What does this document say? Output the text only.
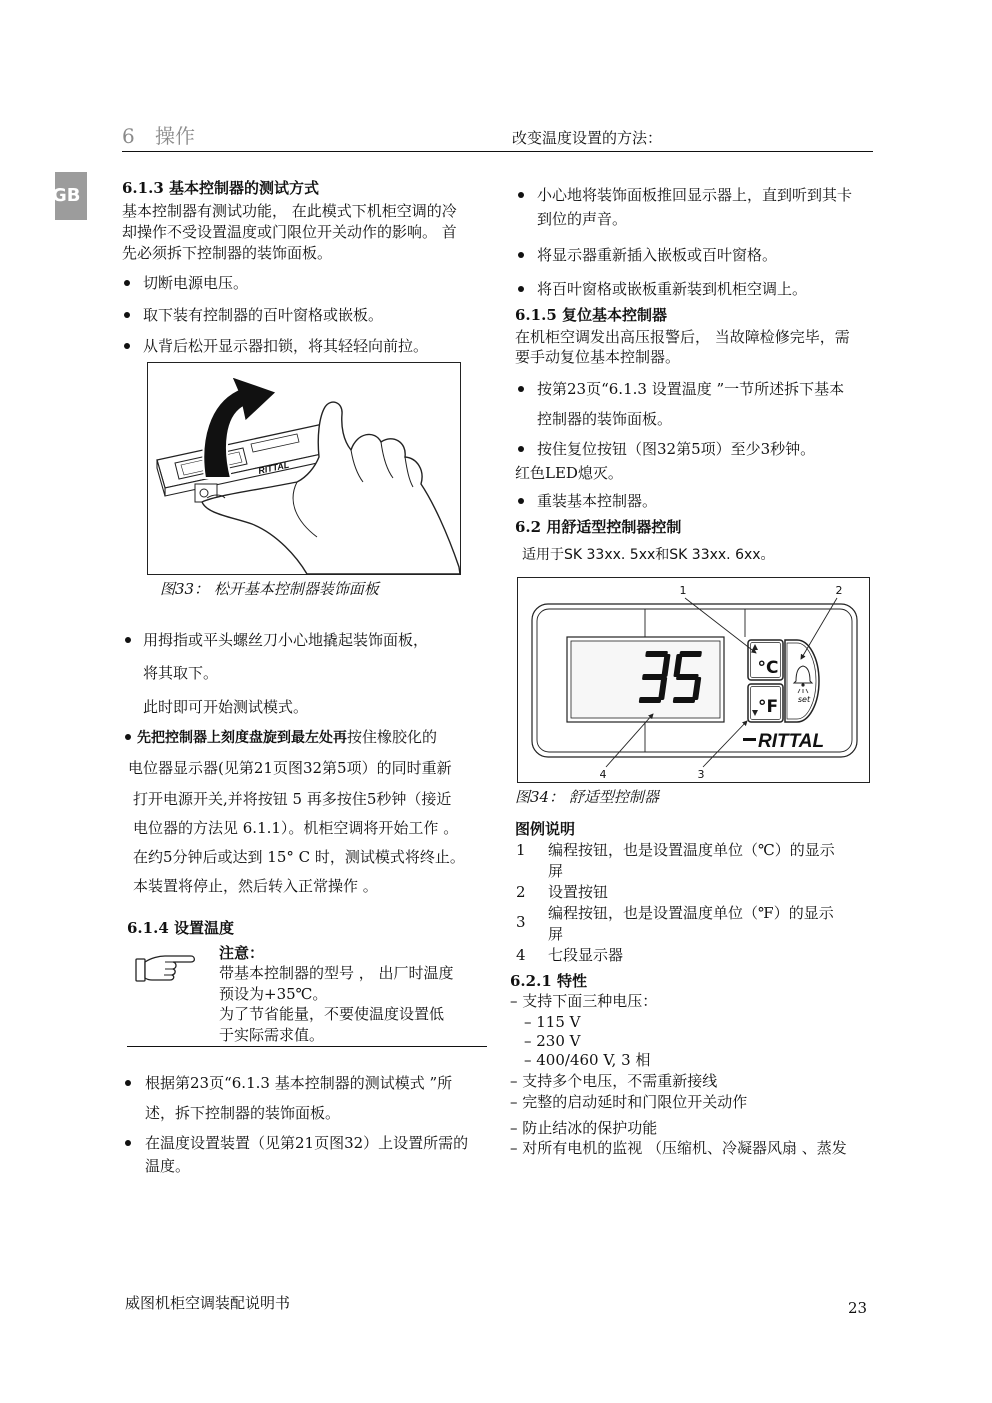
6 操作	改变温度设置的方法：
GB	6.1.3 基本控制器的测试方式
基本控制器有测试功能， 在此模式下机柜空调的冷
却操作不受设置温度或门限位开关动作的影响。 首
先必须拆下控制器的装饰面板。
切断电源电压。
取下装有控制器的百叶窗格或嵌板。
从背后松开显示器扣锁，将其轻轻向前拉。
RITTAL
图33： 松开基本控制器装饰面板
用拇指或平头螺丝刀小心地撬起装饰面板，
将其取下。
此时即可开始测试模式。
先把控制器上刻度盘旋到最左处再按住橡胶化的
电位器显示器(见第21页图32第5项）的同时重新
打开电源开关,并将按钮 5 再多按住5秒钟（接近
电位器的方法见 6.1.1）。机柜空调将开始工作 。
在约5分钟后或达到 15° C 时，测试模式将终止。
本装置将停止，然后转入正常操作 。
6.1.4 设置温度
注意：
带基本控制器的型号 ， 出厂时温度
预设为+35℃。
为了节省能量，不要使温度设置低
于实际需求值。
根据第23页“6.1.3 基本控制器的测试模式 ”所
述，拆下控制器的装饰面板。
在温度设置装置（见第21页图32）上设置所需的
温度。
小心地将装饰面板推回显示器上，直到听到其卡
到位的声音。
将显示器重新插入嵌板或百叶窗格。
将百叶窗格或嵌板重新装到机柜空调上。
6.1.5 复位基本控制器
在机柜空调发出高压报警后， 当故障检修完毕，需
要手动复位基本控制器。
按第23页“6.1.3 设置温度 ”一节所述拆下基本
控制器的装饰面板。
按住复位按钮（图32第5项）至少3秒钟。
红色LED熄灭。
重装基本控制器。
6.2 用舒适型控制器控制
适用于SK 33xx. 5xx和SK 33xx. 6xx。
°C
°F set
RITTAL
1	2
3
4
图34： 舒适型控制器
图例说明
1 编程按钮，也是设置温度单位（℃）的显示
屏
2 设置按钮
3 编程按钮，也是设置温度单位（℉）的显示
屏
4 七段显示器
6.2.1 特性
– 支持下面三种电压：
– 115 V
– 230 V
– 400/460 V, 3 相
– 支持多个电压，不需重新接线
– 完整的启动延时和门限位开关动作
– 防止结冰的保护功能
– 对所有电机的监视 （压缩机、冷凝器风扇 、蒸发
威图机柜空调装配说明书	23
